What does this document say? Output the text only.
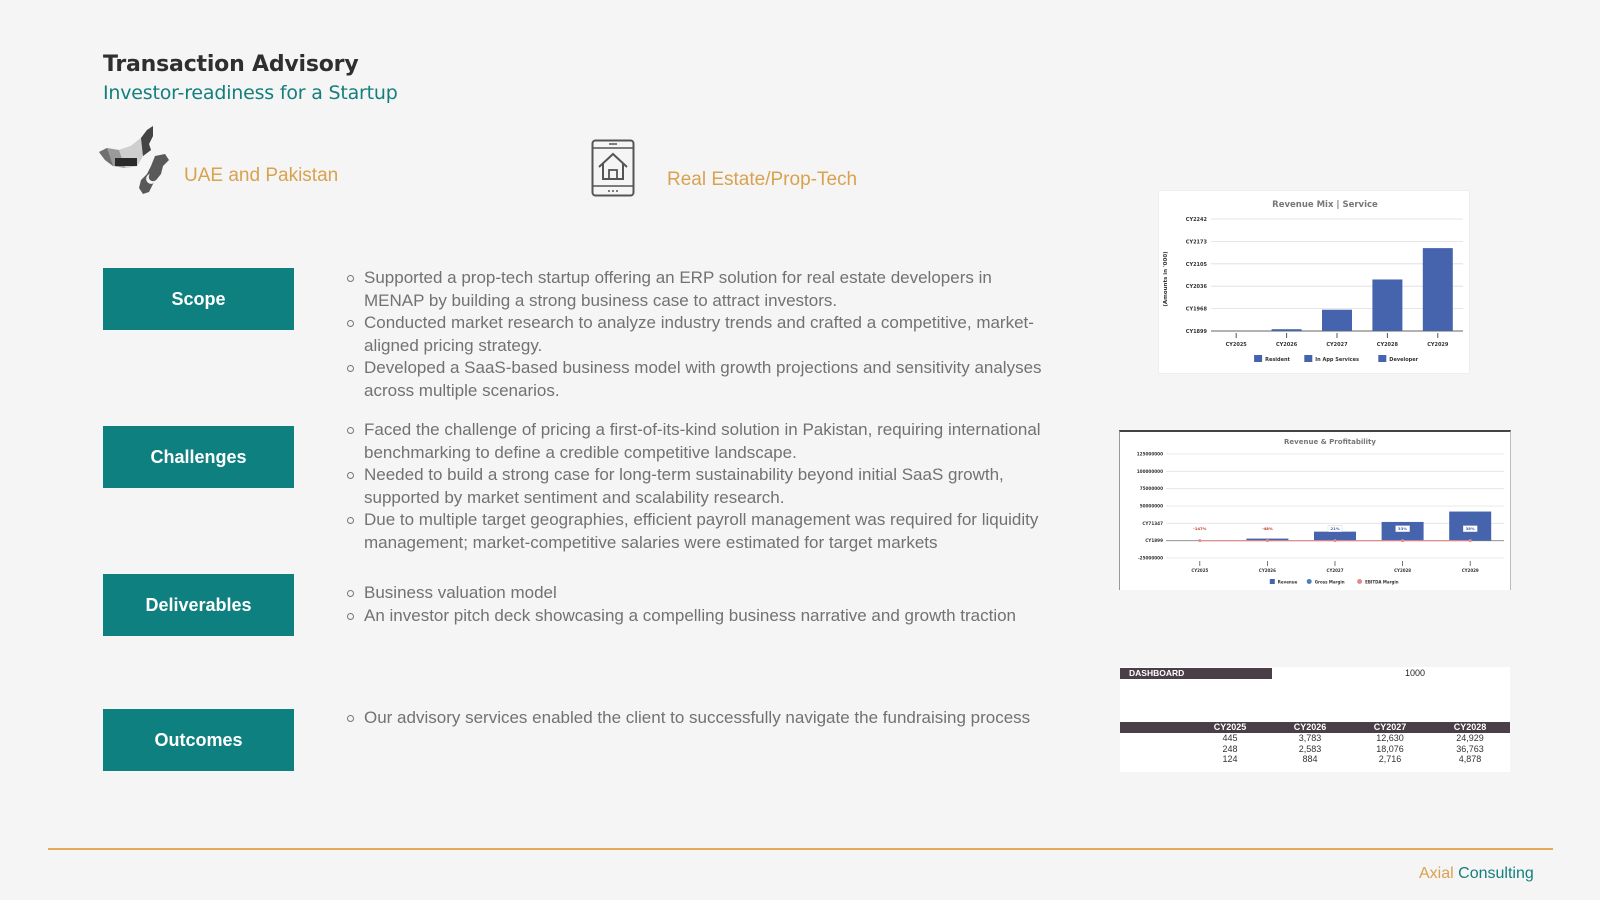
Transaction Advisory
Investor-readiness for a Startup
UAE and Pakistan	Real Estate/Prop-Tech
Scope
Challenges
Deliverables
Outcomes
Supported a prop-tech startup offering an ERP solution for real estate developers in MENAP by building a strong business case to attract investors.
Conducted market research to analyze industry trends and crafted a competitive, market-aligned pricing strategy.
Developed a SaaS-based business model with growth projections and sensitivity analyses across multiple scenarios.
Faced the challenge of pricing a first-of-its-kind solution in Pakistan, requiring international benchmarking to define a credible competitive landscape.
Needed to build a strong case for long-term sustainability beyond initial SaaS growth, supported by market sentiment and scalability research.
Due to multiple target geographies, efficient payroll management was required for liquidity management; market-competitive salaries were estimated for target markets
Business valuation model
An investor pitch deck showcasing a compelling business narrative and growth traction
Our advisory services enabled the client to successfully navigate the fundraising process
Revenue Mix | Service
(Amounts in '000)
CY1899
CY1968
CY2036
CY2105
CY2173
CY2242
CY2025	CY2026	CY2027	CY2028	CY2029
Resident	In App Services	Developer
Revenue & Profitability
-25000000
CY1899
CY71347
50000000
75000000
100000000
125000000
-147%	-48%	21%	33%	38%
CY2025	CY2026	CY2027	CY2028	CY2029
Revenue	Gross Margin	EBITDA Margin
DASHBOARD	1000
	CY2025	CY2026	CY2027	CY2028
	445	3,783	12,630	24,929
	248	2,583	18,076	36,763
	124	884	2,716	4,878
Axial Consulting
